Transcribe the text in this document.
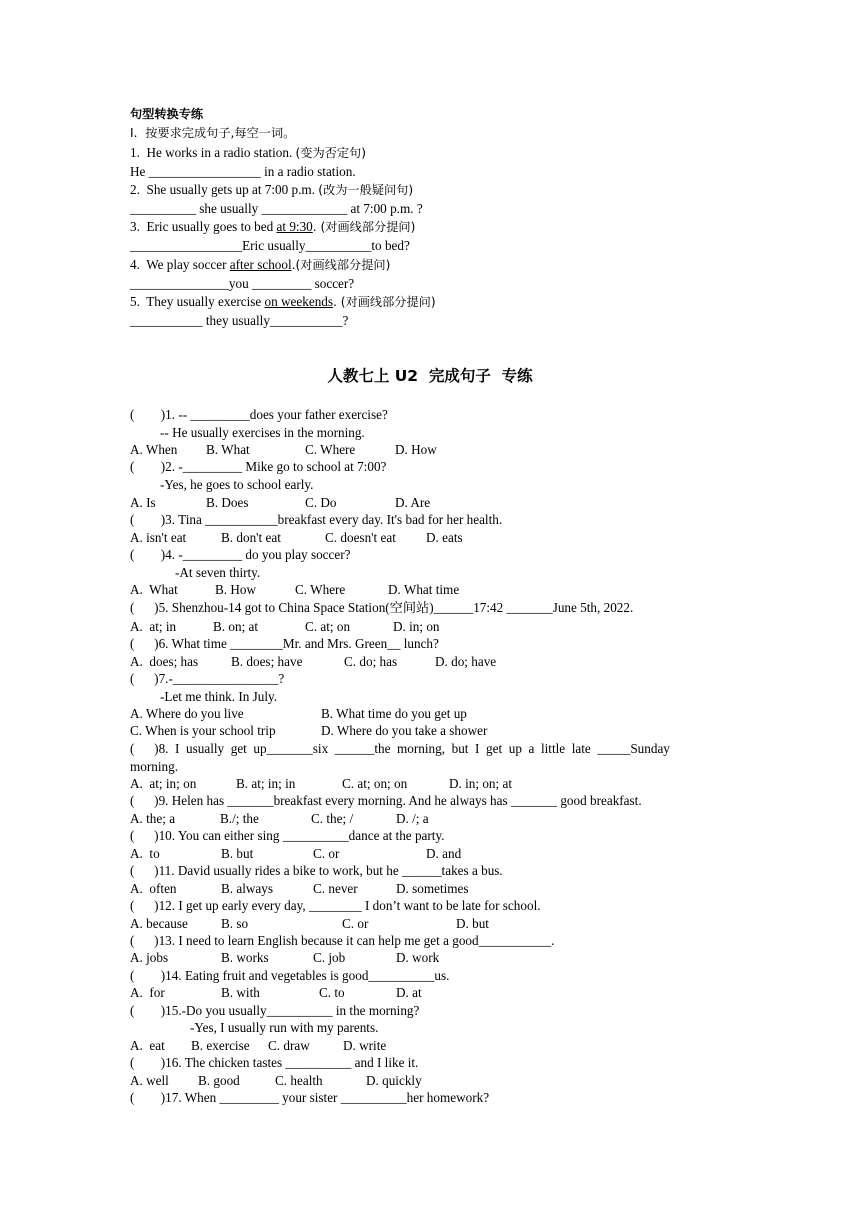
句型转换专练
I.  按要求完成句子,每空一词。
1.  He works in a radio station. (变为否定句)
He _________________ in a radio station.
2.  She usually gets up at 7:00 p.m. (改为一般疑问句)
__________ she usually _____________ at 7:00 p.m. ?
3.  Eric usually goes to bed at 9:30. (对画线部分提问)
_________________Eric usually__________to bed?
4.  We play soccer after school.(对画线部分提问)
_______________you _________ soccer?
5.  They usually exercise on weekends. (对画线部分提问)
___________ they usually___________?
人教七上 U2  完成句子  专练
(        )1. -- _________does your father exercise?
-- He usually exercises in the morning.
A. When B. What	C. Where	D. How
(        )2. -_________ Mike go to school at 7:00?
-Yes, he goes to school early.
A. Is	B. Does	C. Do	D. Are
(        )3. Tina ___________breakfast every day. It's bad for her health.
A. isn't eat	B. don't eat	C. doesn't eat D. eats
(        )4. -_________ do you play soccer?
-At seven thirty.
A.  What	B. How	C. Where	D. What time
(      )5. Shenzhou-14 got to China Space Station(空间站)______17:42 _______June 5th, 2022.
A.  at; in	B. on; at	C. at; on	D. in; on
(      )6. What time ________Mr. and Mrs. Green__ lunch?
A.  does; has B. does; have	C. do; has	D. do; have
(      )7.-________________?
-Let me think. In July.
A. Where do you live	B. What time do you get up
C. When is your school trip	D. Where do you take a shower
(      )8.  I  usually  get  up_______six  ______the  morning,  but  I  get  up  a  little  late  _____Sunday
morning.
A.  at; in; on	B. at; in; in	C. at; on; on	D. in; on; at
(      )9. Helen has _______breakfast every morning. And he always has _______ good breakfast.
A. the; a	B./; the	C. the; /	D. /; a
(      )10. You can either sing __________dance at the party.
A.  to	B. but	C. or	D. and
(      )11. David usually rides a bike to work, but he ______takes a bus.
A.  often	B. always	C. never	D. sometimes
(      )12. I get up early every day, ________ I don’t want to be late for school.
A. because	B. so	C. or	D. but
(      )13. I need to learn English because it can help me get a good___________.
A. jobs	B. works	C. job	D. work
(        )14. Eating fruit and vegetables is good__________us.
A.  for	B. with	C. to	D. at
(        )15.-Do you usually__________ in the morning?
-Yes, I usually run with my parents.
A.  eat B. exercise C. draw	D. write
(        )16. The chicken tastes __________ and I like it.
A. well B. good	C. health	D. quickly
(        )17. When _________ your sister __________her homework?
